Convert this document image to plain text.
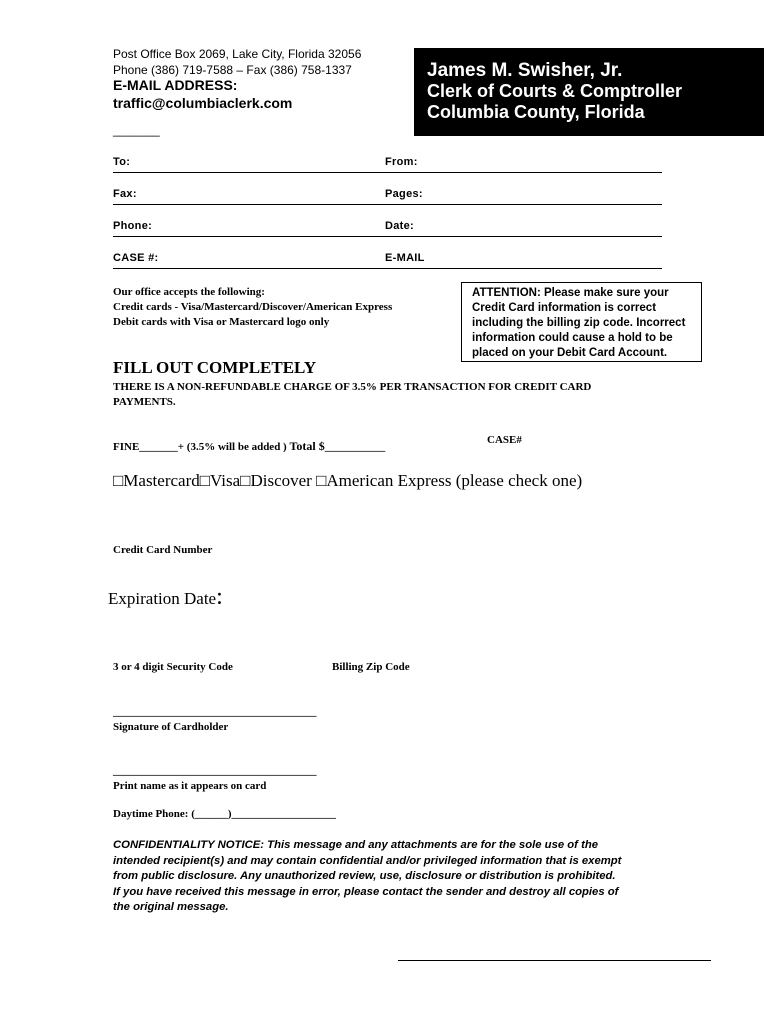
Post Office Box 2069, Lake City, Florida 32056
Phone (386) 719-7588 – Fax (386) 758-1337
E-MAIL ADDRESS:
traffic@columbiaclerk.com
_______
James M. Swisher, Jr.
Clerk of Courts & Comptroller
Columbia County, Florida
To:	From:
Fax:	Pages:
Phone:	Date:
CASE #:	E-MAIL
Our office accepts the following:
Credit cards - Visa/Mastercard/Discover/American Express
Debit cards with Visa or Mastercard logo only
ATTENTION: Please make sure your
Credit Card information is correct
including the billing zip code. Incorrect
information could cause a hold to be
placed on your Debit Card Account.
FILL OUT COMPLETELY
THERE IS A NON-REFUNDABLE CHARGE OF 3.5% PER TRANSACTION FOR CREDIT CARD
PAYMENTS.
FINE_______+ (3.5% will be added ) Total $___________
CASE#
□Mastercard□Visa□Discover □American Express (please check one)
Credit Card Number
Expiration Date:
3 or 4 digit Security Code	Billing Zip Code
_____________________________________
Signature of Cardholder
_____________________________________
Print name as it appears on card
Daytime Phone: (______)___________________
CONFIDENTIALITY NOTICE: This message and any attachments are for the sole use of the
intended recipient(s) and may contain confidential and/or privileged information that is exempt
from public disclosure. Any unauthorized review, use, disclosure or distribution is prohibited.
If you have received this message in error, please contact the sender and destroy all copies of
the original message.
